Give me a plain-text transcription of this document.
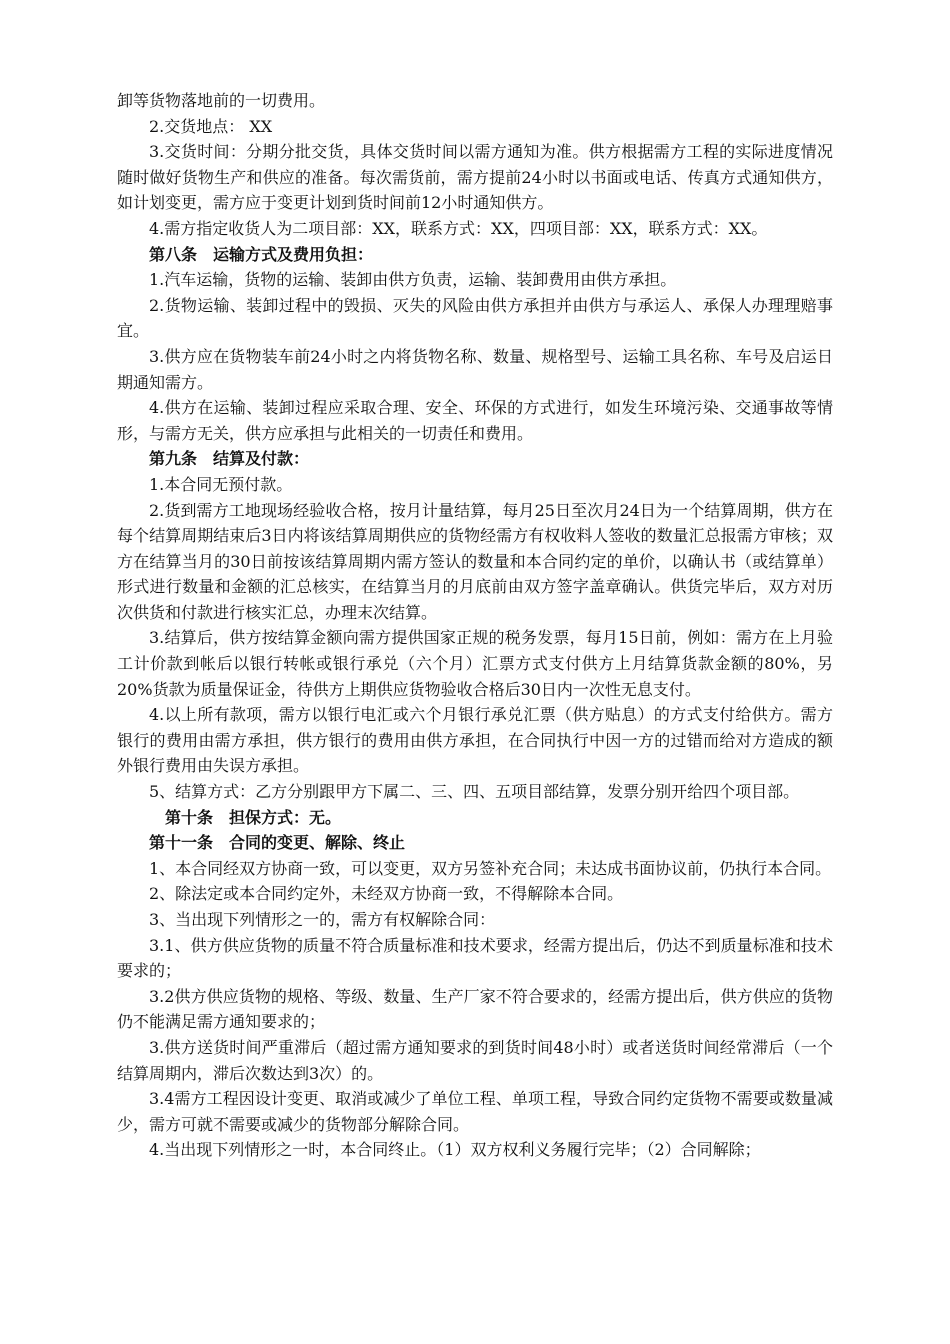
卸等货物落地前的一切费用。

2.交货地点： XX

3.交货时间：分期分批交货，具体交货时间以需方通知为准。供方根据需方工程的实际进度情况随时做好货物生产和供应的准备。每次需货前，需方提前24小时以书面或电话、传真方式通知供方，如计划变更，需方应于变更计划到货时间前12小时通知供方。

4.需方指定收货人为二项目部：XX，联系方式：XX，四项目部：XX，联系方式：XX。

第八条　运输方式及费用负担：

1.汽车运输，货物的运输、装卸由供方负责，运输、装卸费用由供方承担。

2.货物运输、装卸过程中的毁损、灭失的风险由供方承担并由供方与承运人、承保人办理理赔事宜。

3.供方应在货物装车前24小时之内将货物名称、数量、规格型号、运输工具名称、车号及启运日期通知需方。

4.供方在运输、装卸过程应采取合理、安全、环保的方式进行，如发生环境污染、交通事故等情形，与需方无关，供方应承担与此相关的一切责任和费用。

第九条　结算及付款：

1.本合同无预付款。

2.货到需方工地现场经验收合格，按月计量结算，每月25日至次月24日为一个结算周期，供方在每个结算周期结束后3日内将该结算周期供应的货物经需方有权收料人签收的数量汇总报需方审核；双方在结算当月的30日前按该结算周期内需方签认的数量和本合同约定的单价，以确认书（或结算单）形式进行数量和金额的汇总核实，在结算当月的月底前由双方签字盖章确认。供货完毕后，双方对历次供货和付款进行核实汇总，办理末次结算。

3.结算后，供方按结算金额向需方提供国家正规的税务发票，每月15日前，例如：需方在上月验工计价款到帐后以银行转帐或银行承兑（六个月）汇票方式支付供方上月结算货款金额的80%，另20%货款为质量保证金，待供方上期供应货物验收合格后30日内一次性无息支付。

4.以上所有款项，需方以银行电汇或六个月银行承兑汇票（供方贴息）的方式支付给供方。需方银行的费用由需方承担，供方银行的费用由供方承担，在合同执行中因一方的过错而给对方造成的额外银行费用由失误方承担。

5、结算方式：乙方分别跟甲方下属二、三、四、五项目部结算，发票分别开给四个项目部。

第十条　担保方式：无。

第十一条　合同的变更、解除、终止

1、本合同经双方协商一致，可以变更，双方另签补充合同；未达成书面协议前，仍执行本合同。

2、除法定或本合同约定外，未经双方协商一致，不得解除本合同。

3、当出现下列情形之一的，需方有权解除合同：

3.1、供方供应货物的质量不符合质量标准和技术要求，经需方提出后，仍达不到质量标准和技术要求的；

3.2供方供应货物的规格、等级、数量、生产厂家不符合要求的，经需方提出后，供方供应的货物仍不能满足需方通知要求的；

3.供方送货时间严重滞后（超过需方通知要求的到货时间48小时）或者送货时间经常滞后（一个结算周期内，滞后次数达到3次）的。

3.4需方工程因设计变更、取消或减少了单位工程、单项工程，导致合同约定货物不需要或数量减少，需方可就不需要或减少的货物部分解除合同。

4.当出现下列情形之一时，本合同终止。（1）双方权利义务履行完毕；（2）合同解除；
